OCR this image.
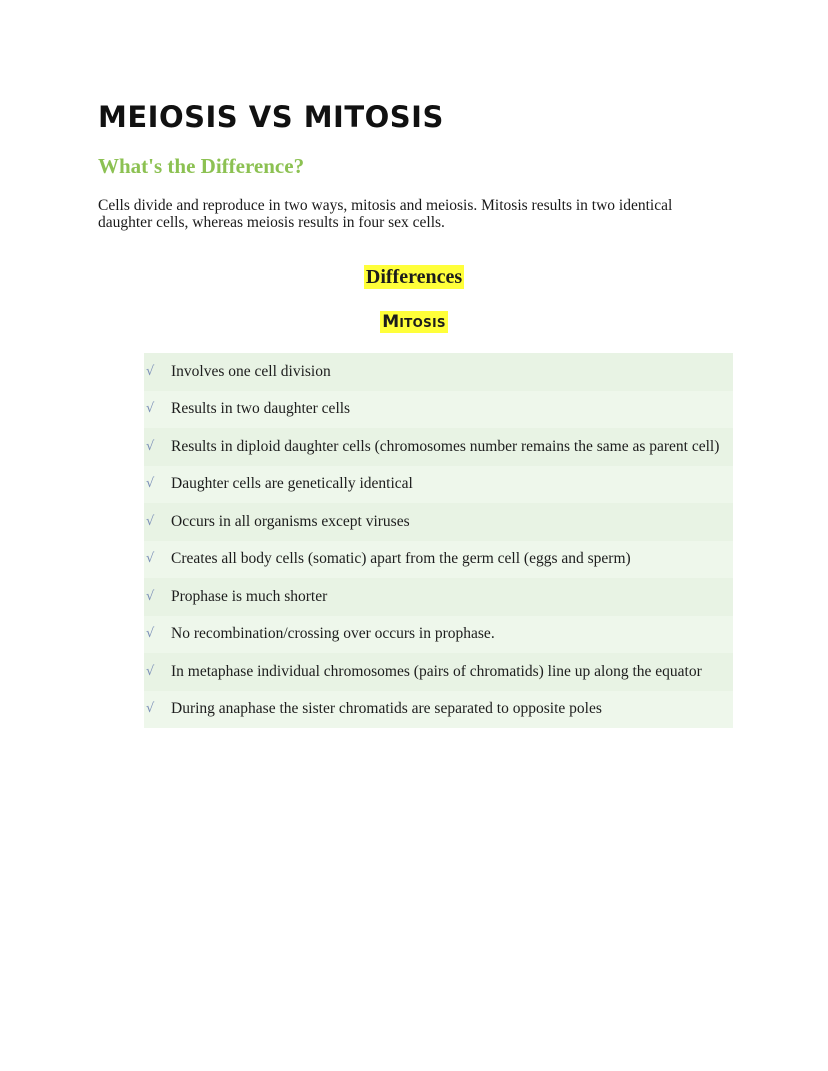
MEIOSIS VS MITOSIS
What's the Difference?

Cells divide and reproduce in two ways, mitosis and meiosis. Mitosis results in two identical daughter cells, whereas meiosis results in four sex cells.

Differences
Mitosis
√ Involves one cell division
√ Results in two daughter cells
√ Results in diploid daughter cells (chromosomes number remains the same as parent cell)
√ Daughter cells are genetically identical
√ Occurs in all organisms except viruses
√ Creates all body cells (somatic) apart from the germ cell (eggs and sperm)
√ Prophase is much shorter
√ No recombination/crossing over occurs in prophase.
√ In metaphase individual chromosomes (pairs of chromatids) line up along the equator
√ During anaphase the sister chromatids are separated to opposite poles
